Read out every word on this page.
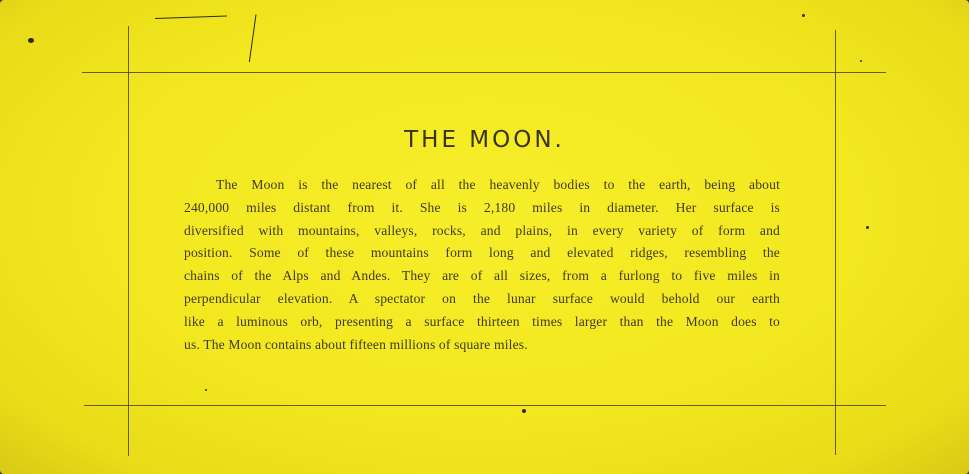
THE MOON.
The Moon is the nearest of all the heavenly bodies to the earth, being about
240,000 miles distant from it. She is 2,180 miles in diameter. Her surface is
diversified with mountains, valleys, rocks, and plains, in every variety of form and
position. Some of these mountains form long and elevated ridges, resembling the
chains of the Alps and Andes. They are of all sizes, from a furlong to five miles in
perpendicular elevation. A spectator on the lunar surface would behold our earth
like a luminous orb, presenting a surface thirteen times larger than the Moon does to
us. The Moon contains about fifteen millions of square miles.
